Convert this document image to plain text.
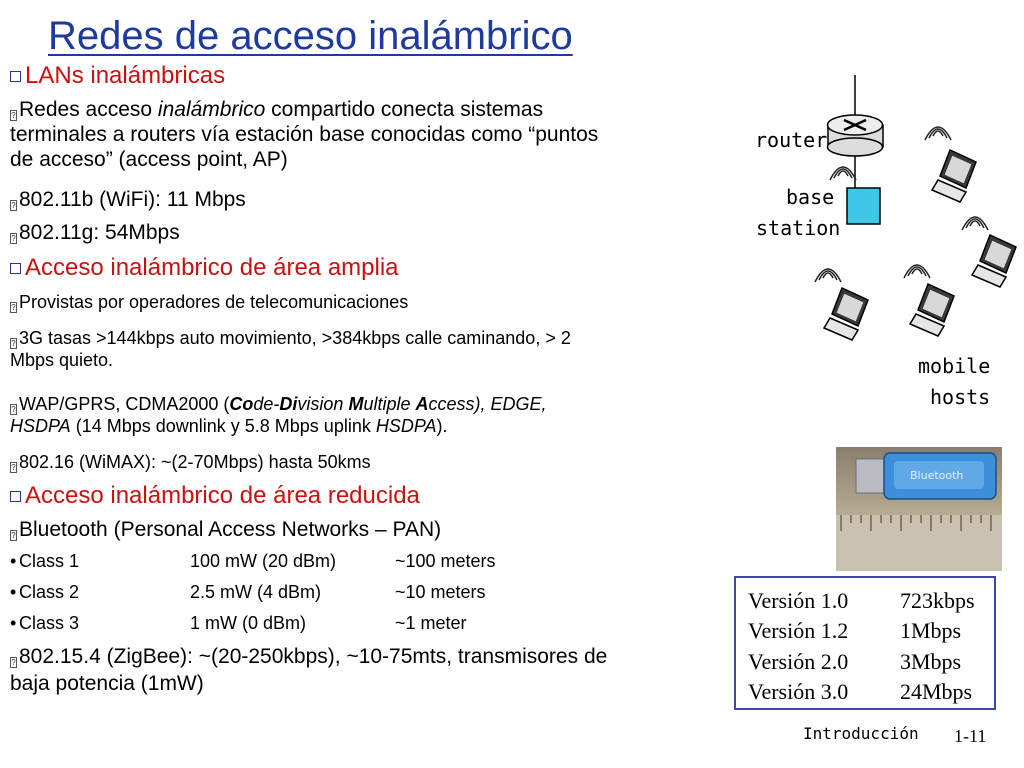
Redes de acceso inalámbrico
LANs inalámbricas
? Redes acceso inalámbrico compartido conecta sistemas
terminales a routers vía estación base conocidas como “puntos
de acceso” (access point, AP)
? 802.11b (WiFi): 11 Mbps
? 802.11g: 54Mbps
Acceso inalámbrico de área amplia
? Provistas por operadores de telecomunicaciones
? 3G tasas >144kbps auto movimiento, >384kbps calle caminando, > 2
Mbps quieto.
? WAP/GPRS, CDMA2000 (Code-Division Multiple Access), EDGE,
HSDPA (14 Mbps downlink y 5.8 Mbps uplink HSDPA).
? 802.16 (WiMAX): ~(2-70Mbps) hasta 50kms
Acceso inalámbrico de área reducida
? Bluetooth (Personal Access Networks – PAN)
• Class 1	100 mW (20 dBm)	~100 meters
• Class 2	2.5 mW (4 dBm)	~10 meters
• Class 3	1 mW (0 dBm)	~1 meter
? 802.15.4 (ZigBee): ~(20-250kbps), ~10-75mts, transmisores de
baja potencia (1mW)
router
base
station
mobile
hosts
Bluetooth
Versión 1.0 723kbps
Versión 1.2 1Mbps
Versión 2.0 3Mbps
Versión 3.0 24Mbps
Introducción 1-11
